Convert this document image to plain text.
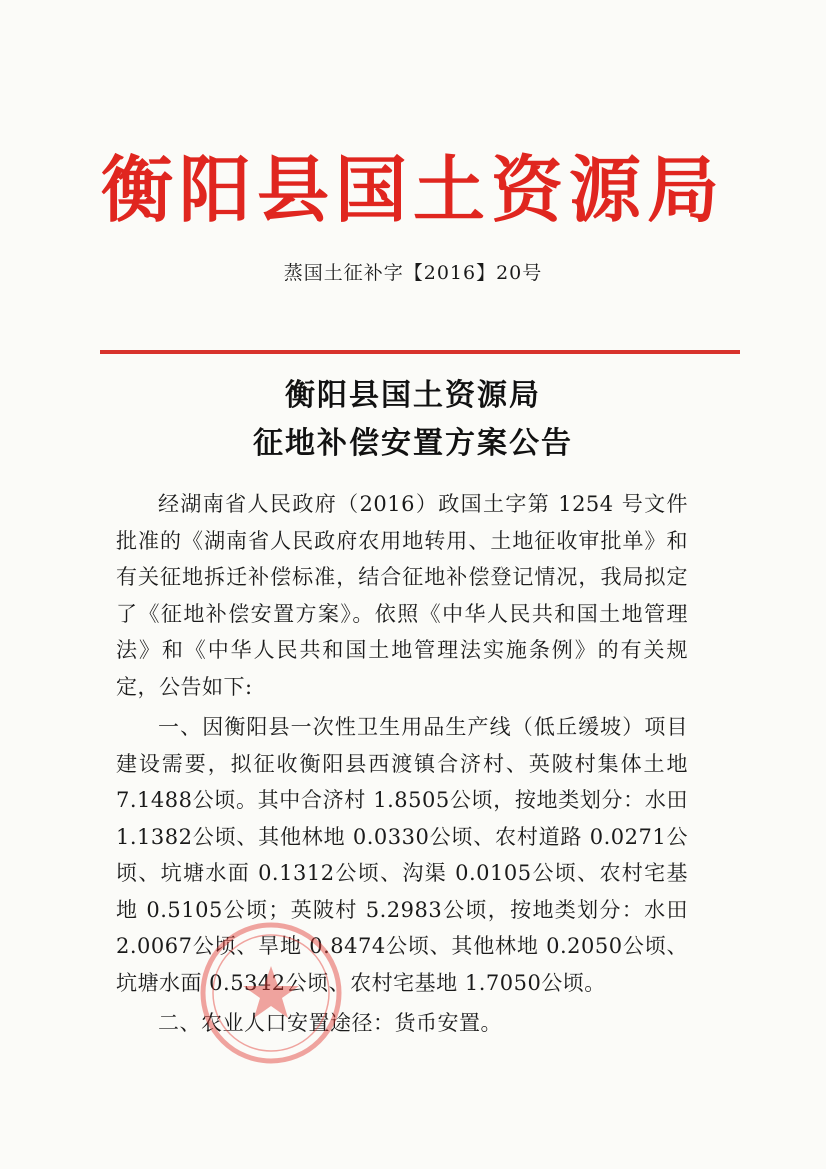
衡阳县国土资源局
蒸国土征补字【2016】20号
衡阳县国土资源局
征地补偿安置方案公告

经湖南省人民政府（2016）政国土字第 1254 号文件批准的《湖南省人民政府农用地转用、土地征收审批单》和有关征地拆迁补偿标准，结合征地补偿登记情况，我局拟定了《征地补偿安置方案》。依照《中华人民共和国土地管理法》和《中华人民共和国土地管理法实施条例》的有关规定，公告如下:

一、因衡阳县一次性卫生用品生产线（低丘缓坡）项目建设需要，拟征收衡阳县西渡镇合济村、英陂村集体土地7.1488公顷。其中合济村 1.8505公顷，按地类划分：水田1.1382公顷、其他林地 0.0330公顷、农村道路 0.0271公顷、坑塘水面 0.1312公顷、沟渠 0.0105公顷、农村宅基地 0.5105公顷；英陂村 5.2983公顷，按地类划分：水田 2.0067公顷、旱地 0.8474公顷、其他林地 0.2050公顷、坑塘水面 0.5342公顷、农村宅基地 1.7050公顷。

二、农业人口安置途径：货币安置。
